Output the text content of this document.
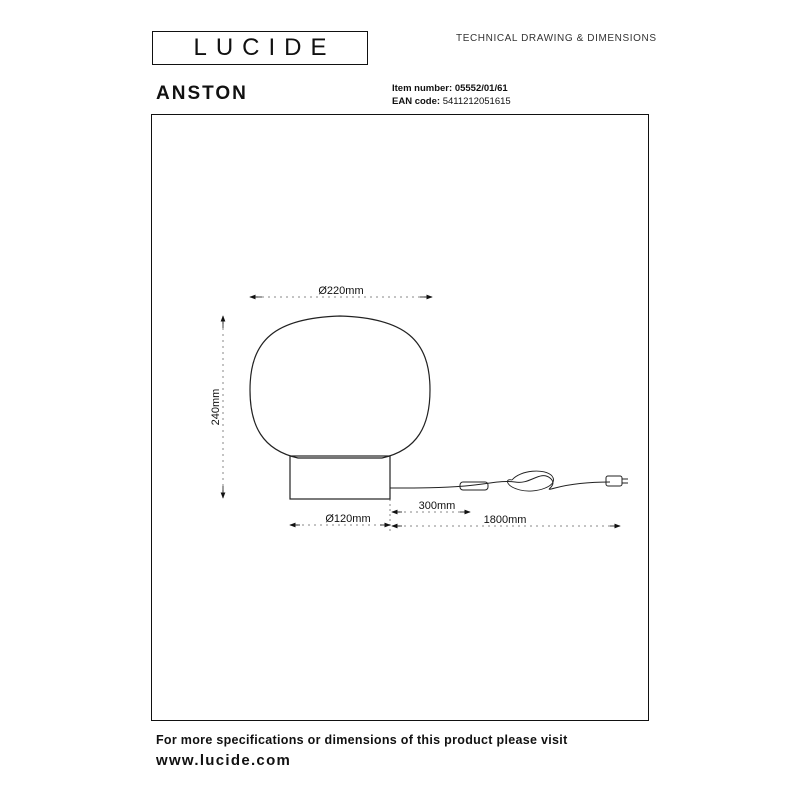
LUCIDE	TECHNICAL DRAWING & DIMENSIONS
ANSTON	Item number: 05552/01/61
EAN code: 5411212051615
Ø220mm
240mm
Ø120mm
300mm
1800mm
For more specifications or dimensions of this product please visit
www.lucide.com
